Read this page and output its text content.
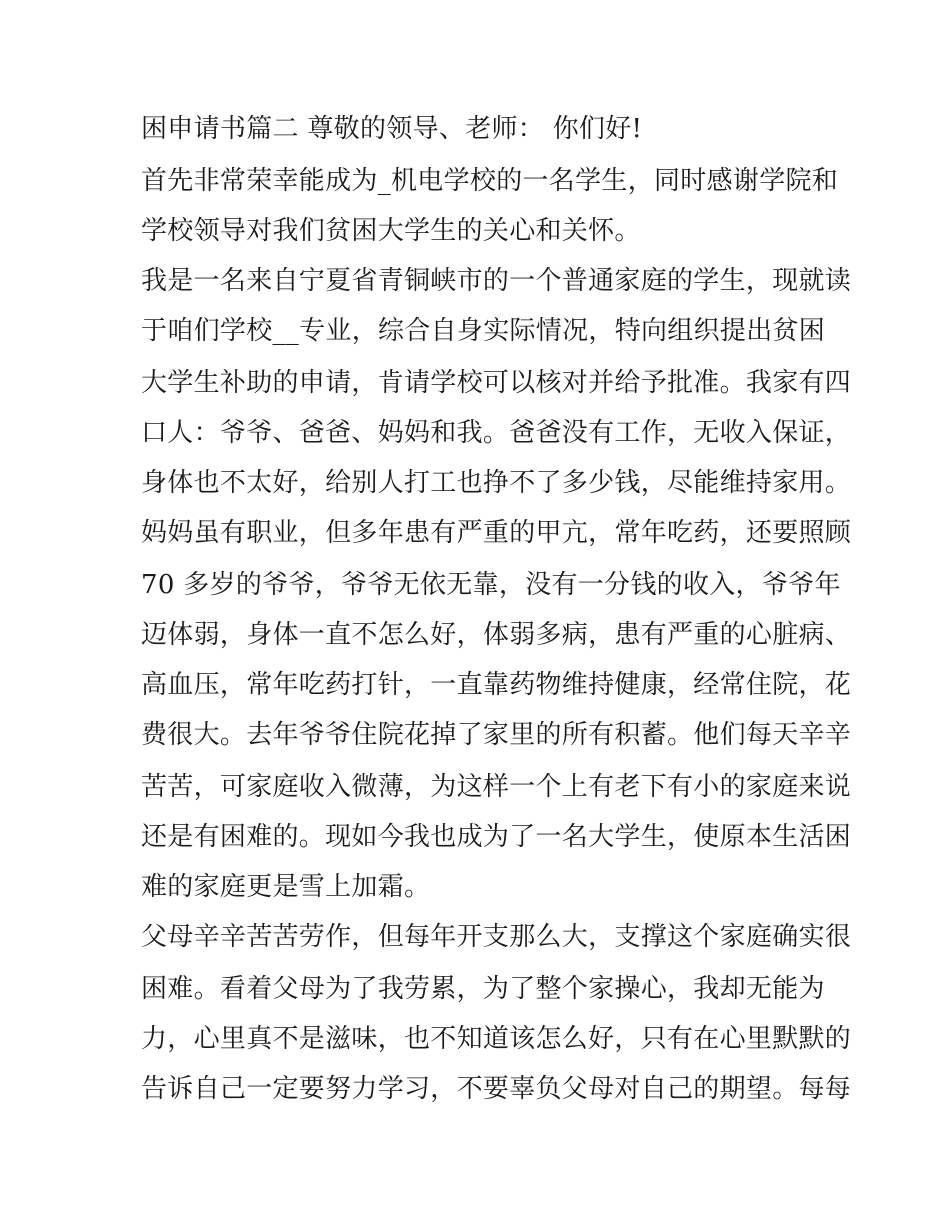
困申请书篇二 尊敬的领导、老师： 你们好!
首先非常荣幸能成为_机电学校的一名学生，同时感谢学院和
学校领导对我们贫困大学生的关心和关怀。
我是一名来自宁夏省青铜峡市的一个普通家庭的学生，现就读
于咱们学校__专业，综合自身实际情况，特向组织提出贫困
大学生补助的申请，肯请学校可以核对并给予批准。我家有四
口人：爷爷、爸爸、妈妈和我。爸爸没有工作，无收入保证，
身体也不太好，给别人打工也挣不了多少钱，尽能维持家用。
妈妈虽有职业，但多年患有严重的甲亢，常年吃药，还要照顾
70 多岁的爷爷，爷爷无依无靠，没有一分钱的收入，爷爷年
迈体弱，身体一直不怎么好，体弱多病，患有严重的心脏病、
高血压，常年吃药打针，一直靠药物维持健康，经常住院，花
费很大。去年爷爷住院花掉了家里的所有积蓄。他们每天辛辛
苦苦，可家庭收入微薄，为这样一个上有老下有小的家庭来说
还是有困难的。现如今我也成为了一名大学生，使原本生活困
难的家庭更是雪上加霜。
父母辛辛苦苦劳作，但每年开支那么大，支撑这个家庭确实很
困难。看着父母为了我劳累，为了整个家操心，我却无能为
力，心里真不是滋味，也不知道该怎么好，只有在心里默默的
告诉自己一定要努力学习，不要辜负父母对自己的期望。每每
